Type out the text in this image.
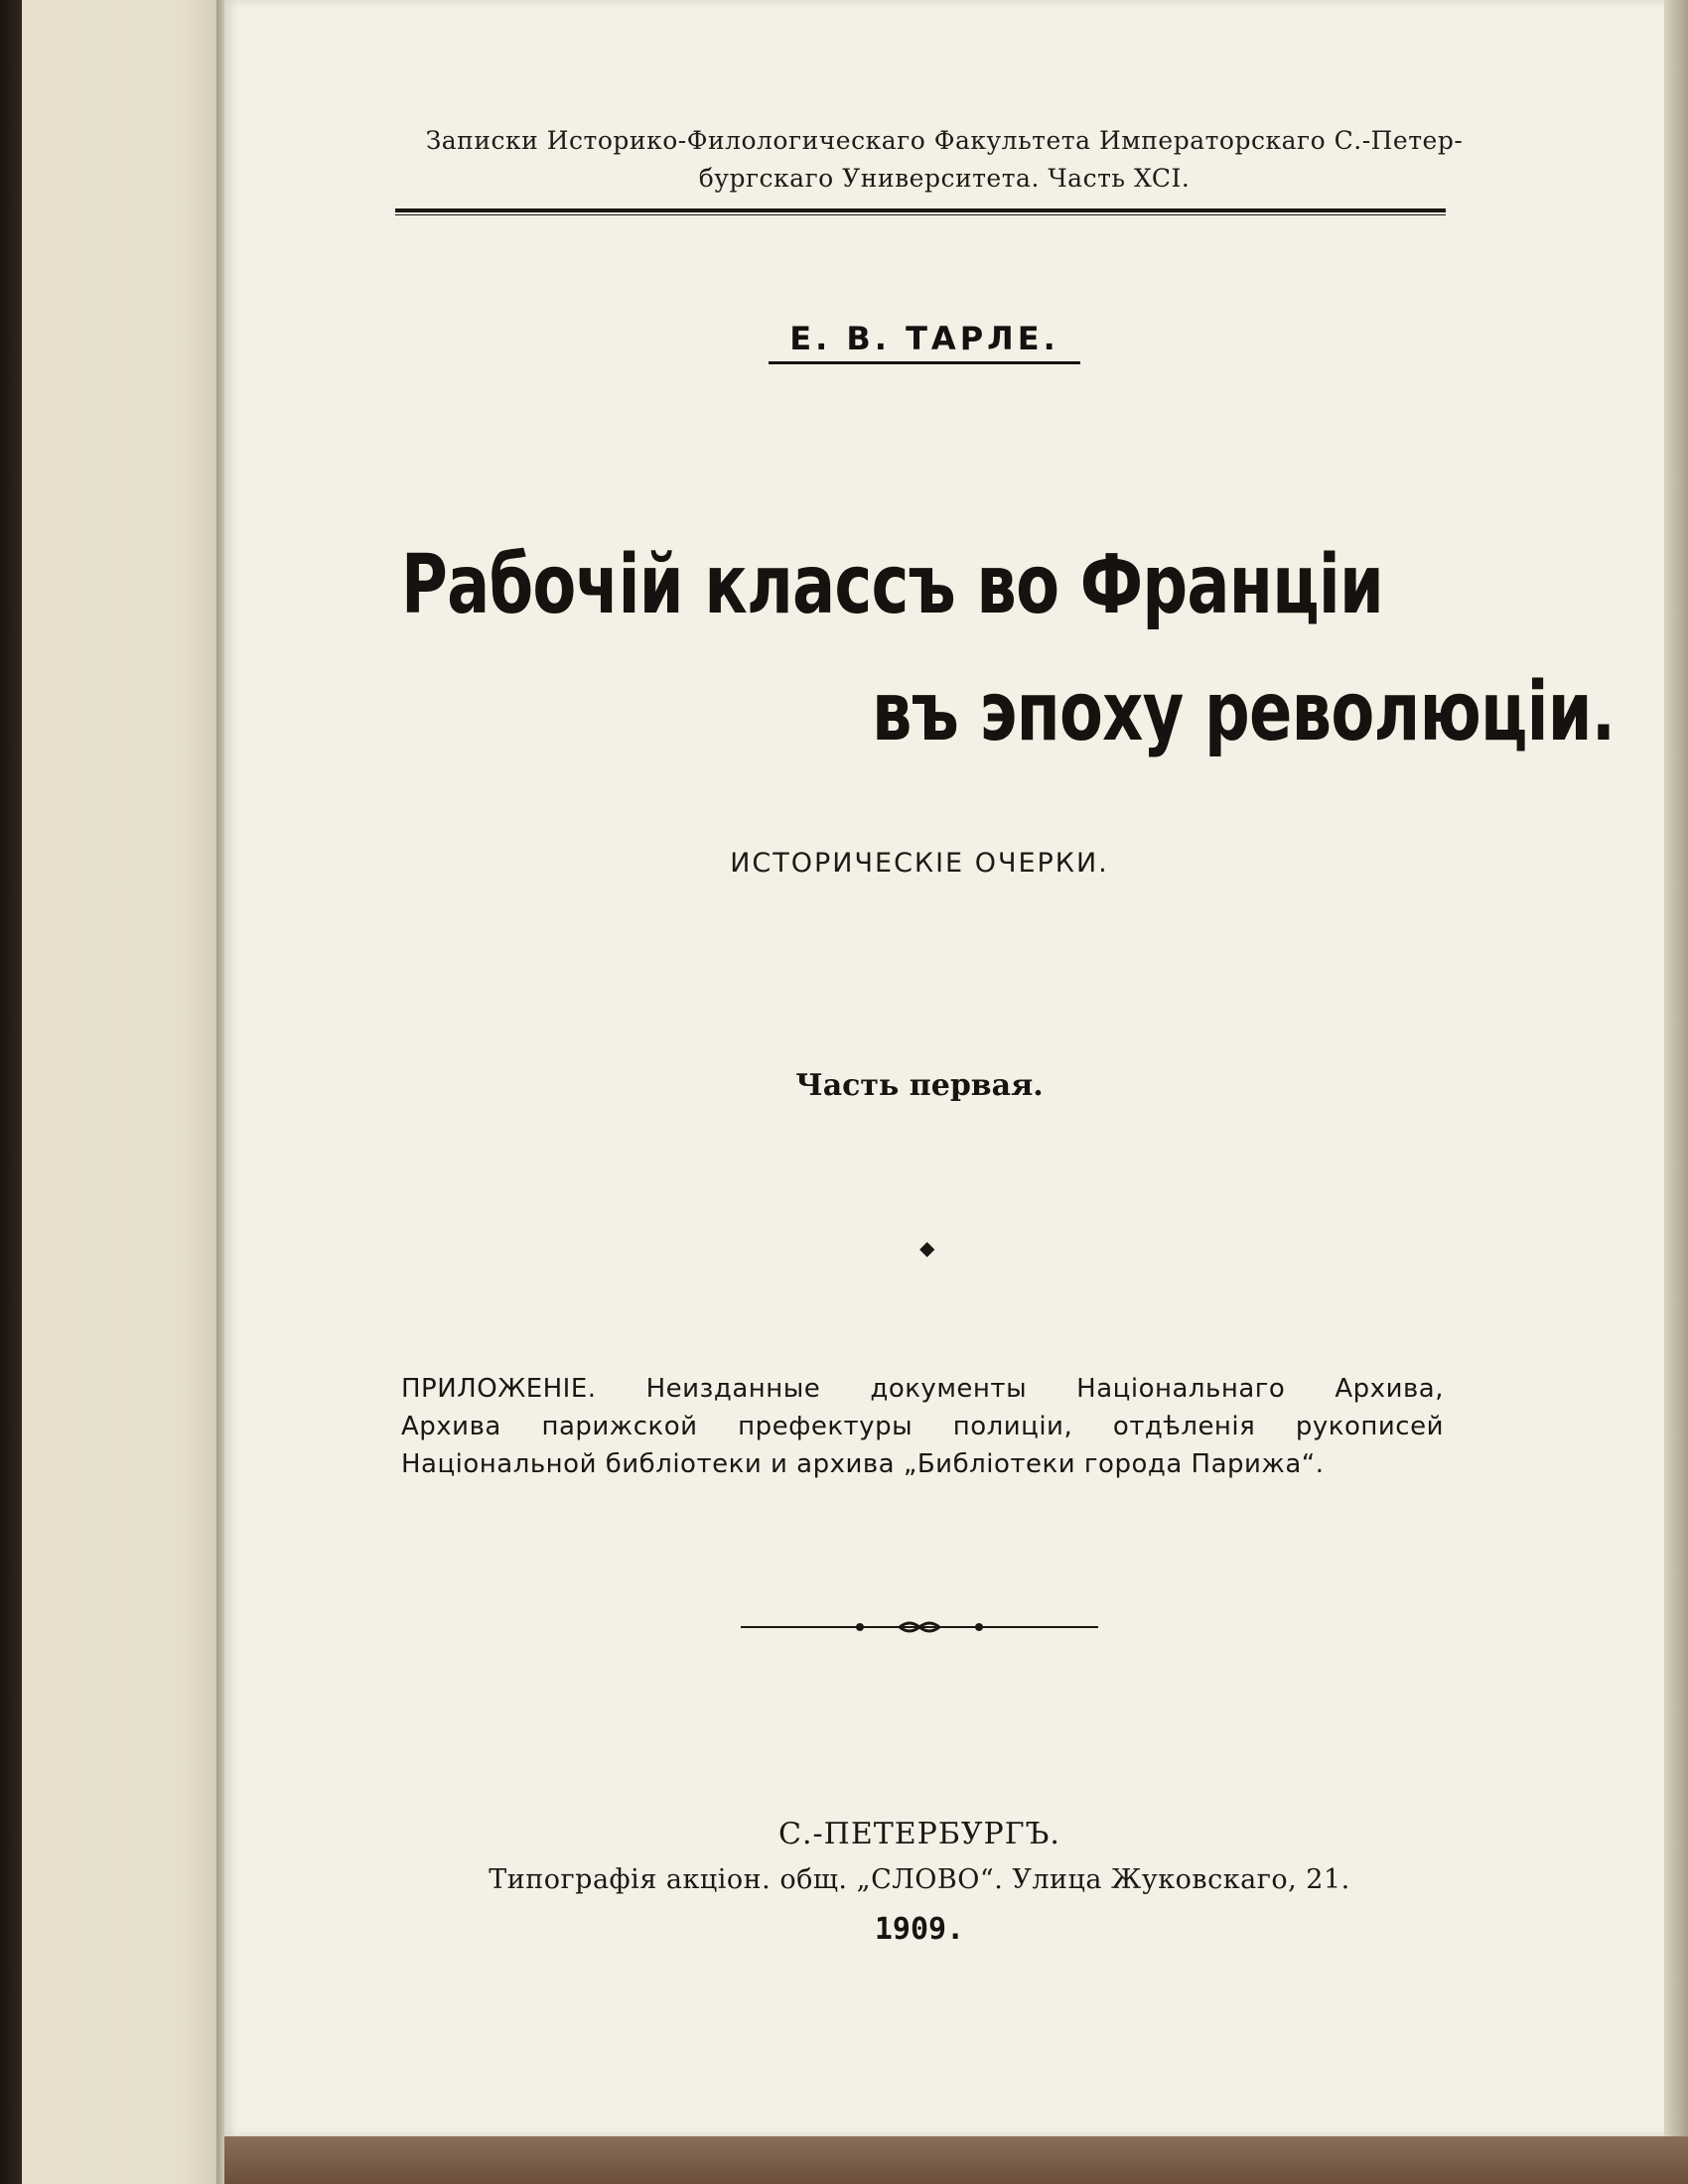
Записки Историко-Филологическаго Факультета Императорскаго С.-Петер-
бургскаго Университета. Часть XCI.
Е. В. ТАРЛЕ.
Рабочій классъ во Франціи
въ эпоху революціи.
ИСТОРИЧЕСКІЕ ОЧЕРКИ.
Часть первая.
◆
ПРИЛОЖЕНІЕ. Неизданные документы Національнаго Архива,
Архива парижской префектуры полиціи, отдѣленія рукописей
Національной библіотеки и архива „Библіотеки города Парижа“.
С.-ПЕТЕРБУРГЪ.
Типографія акціон. общ. „СЛОВО“. Улица Жуковскаго, 21.
1909.
